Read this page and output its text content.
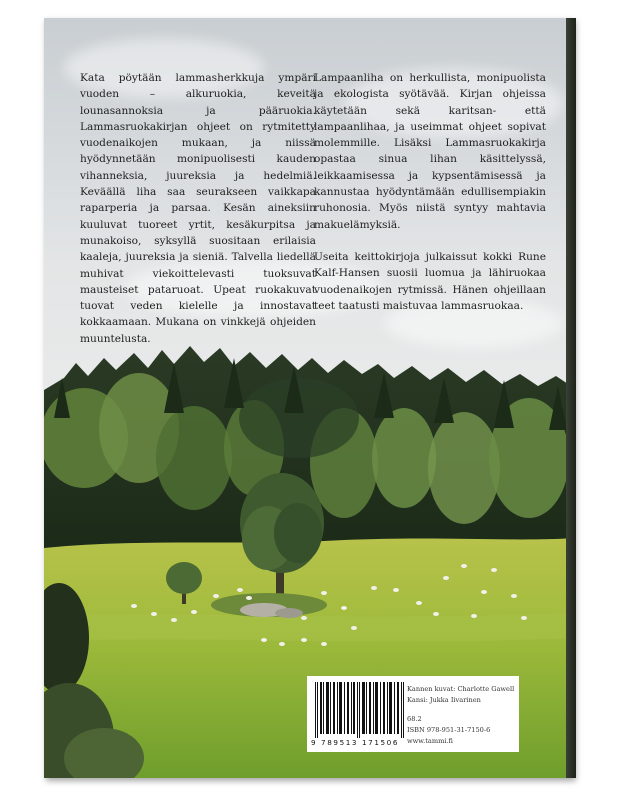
Kata pöytään lammasherkkuja ympäri vuoden – alkuruokia, keveitä lounasannoksia ja pääruokia. Lammasruokakirjan ohjeet on rytmitetty vuodenaikojen mukaan, ja niissä hyödynnetään monipuolisesti kauden vihanneksia, juureksia ja hedelmiä. Keväällä liha saa seurakseen vaikkapa raparperia ja parsaa. Kesän aineksiin kuuluvat tuoreet yrtit, kesäkurpitsa ja munakoiso, syksyllä suositaan erilaisia kaaleja, juureksia ja sieniä. Talvella liedellä muhivat viekoittelevasti tuoksuvat mausteiset pataruoat. Upeat ruokakuvat tuovat veden kielelle ja innostavat kokkaamaan. Mukana on vinkkejä ohjeiden muuntelusta.

Lampaanliha on herkullista, monipuolista ja ekologista syötävää. Kirjan ohjeissa käytetään sekä karitsan- että lampaanlihaa, ja useimmat ohjeet sopivat molemmille. Lisäksi Lammasruokakirja opastaa sinua lihan käsittelyssä, leikkaamisessa ja kypsentämisessä ja kannustaa hyödyntämään edullisempiakin ruhonosia. Myös niistä syntyy mahtavia makuelämyksiä.

Useita keittokirjoja julkaissut kokki Rune Kalf-Hansen suosii luomua ja lähiruokaa vuodenaikojen rytmissä. Hänen ohjeillaan teet taatusti maistuvaa lammasruokaa.

9 789513 171506
Kannen kuvat: Charlotte Gawell
Kansi: Jukka Iivarinen
68.2
ISBN 978-951-31-7150-6
www.tammi.fi
